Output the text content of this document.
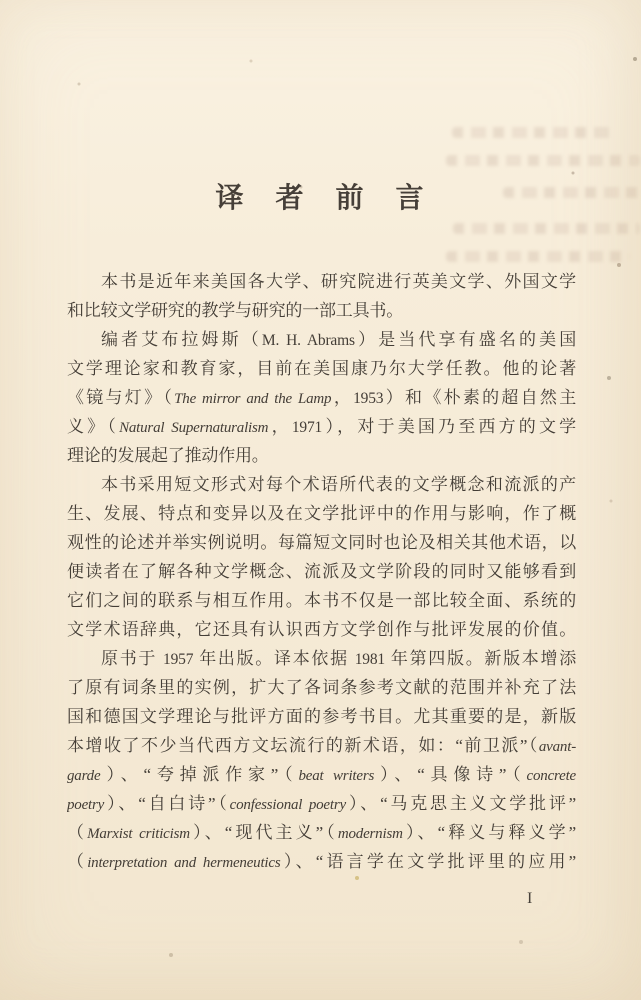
译　者　前　言
本书是近年来美国各大学、研究院进行英美文学、外国文学
和比较文学研究的教学与研究的一部工具书。
编者艾布拉姆斯（M. H. Abrams）是当代享有盛名的美国
文学理论家和教育家，目前在美国康乃尔大学任教。他的论著
《镜与灯》（The mirror and the Lamp，1953）和《朴素的超自然主
义》（Natural Supernaturalism，1971），对于美国乃至西方的文学
理论的发展起了推动作用。
本书采用短文形式对每个术语所代表的文学概念和流派的产
生、发展、特点和变异以及在文学批评中的作用与影响，作了概
观性的论述并举实例说明。每篇短文同时也论及相关其他术语，以
便读者在了解各种文学概念、流派及文学阶段的同时又能够看到
它们之间的联系与相互作用。本书不仅是一部比较全面、系统的
文学术语辞典，它还具有认识西方文学创作与批评发展的价值。
原书于 1957 年出版。译本依据 1981 年第四版。新版本增添
了原有词条里的实例，扩大了各词条参考文献的范围并补充了法
国和德国文学理论与批评方面的参考书目。尤其重要的是，新版
本增收了不少当代西方文坛流行的新术语，如：“前卫派”（avant-
garde）、“夸掉派作家”（beat writers）、“具像诗”（concrete
poetry）、“自白诗”（confessional poetry）、“马克思主义文学批评”
（Marxist criticism）、“现代主义”（modernism）、“释义与释义学”
（interpretation and hermeneutics）、“语言学在文学批评里的应用”
I
